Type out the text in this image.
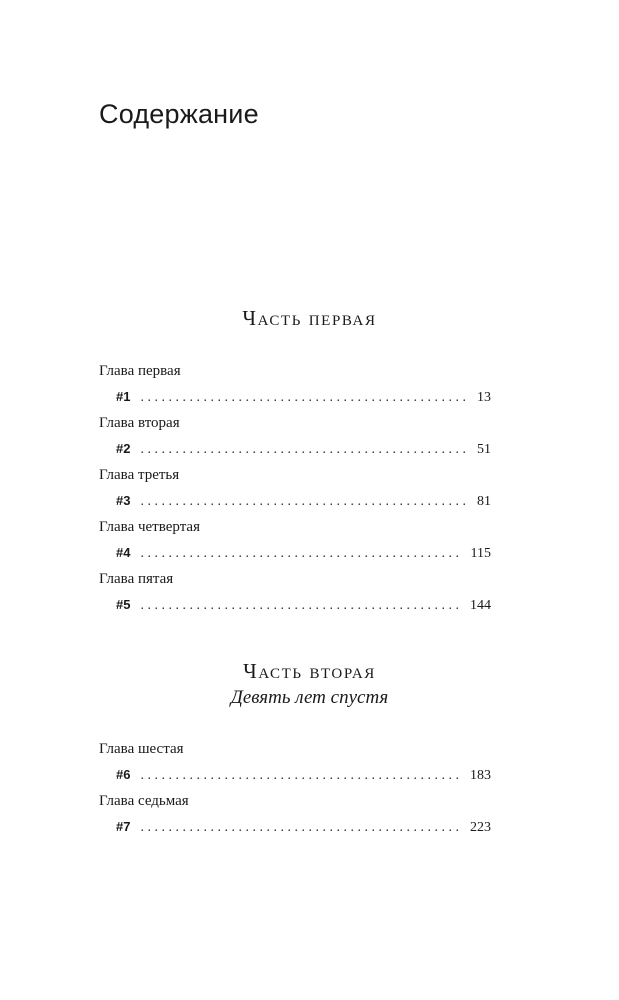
Содержание
Часть первая
Глава первая
#1 . . .	13
Глава вторая
#2 . . .	51
Глава третья
#3 . . .	81
Глава четвертая
#4 . . .	115
Глава пятая
#5 . . .	144
Часть вторая
Девять лет спустя
Глава шестая
#6 . . .	183
Глава седьмая
#7 . . .	223
